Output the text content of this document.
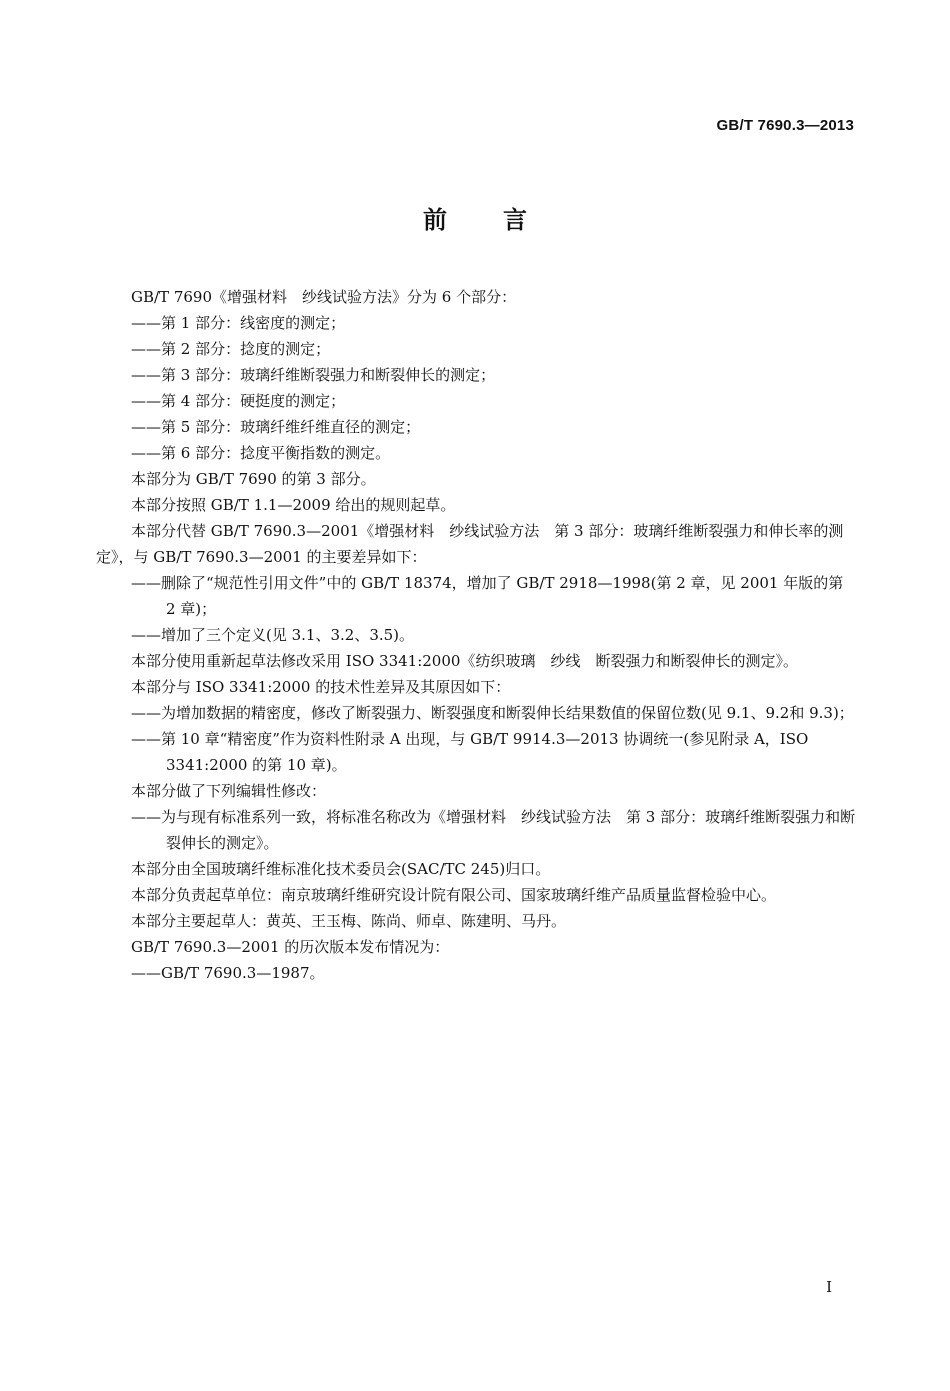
GB/T 7690.3—2013
前言

GB/T 7690《增强材料　纱线试验方法》分为 6 个部分：

——第 1 部分：线密度的测定；

——第 2 部分：捻度的测定；

——第 3 部分：玻璃纤维断裂强力和断裂伸长的测定；

——第 4 部分：硬挺度的测定；

——第 5 部分：玻璃纤维纤维直径的测定；

——第 6 部分：捻度平衡指数的测定。

本部分为 GB/T 7690 的第 3 部分。

本部分按照 GB/T 1.1—2009 给出的规则起草。

本部分代替 GB/T 7690.3—2001《增强材料　纱线试验方法　第 3 部分：玻璃纤维断裂强力和伸长率的测定》，与 GB/T 7690.3—2001 的主要差异如下：

——删除了“规范性引用文件”中的 GB/T 18374，增加了 GB/T 2918—1998(第 2 章，见 2001 年版的第 2 章)；

——增加了三个定义(见 3.1、3.2、3.5)。

本部分使用重新起草法修改采用 ISO 3341:2000《纺织玻璃　纱线　断裂强力和断裂伸长的测定》。

本部分与 ISO 3341:2000 的技术性差异及其原因如下：

——为增加数据的精密度，修改了断裂强力、断裂强度和断裂伸长结果数值的保留位数(见 9.1、9.2和 9.3)；

——第 10 章“精密度”作为资料性附录 A 出现，与 GB/T 9914.3—2013 协调统一(参见附录 A，ISO 3341:2000 的第 10 章)。

本部分做了下列编辑性修改：

——为与现有标准系列一致，将标准名称改为《增强材料　纱线试验方法　第 3 部分：玻璃纤维断裂强力和断裂伸长的测定》。

本部分由全国玻璃纤维标准化技术委员会(SAC/TC 245)归口。

本部分负责起草单位：南京玻璃纤维研究设计院有限公司、国家玻璃纤维产品质量监督检验中心。

本部分主要起草人：黄英、王玉梅、陈尚、师卓、陈建明、马丹。

GB/T 7690.3—2001 的历次版本发布情况为：

——GB/T 7690.3—1987。

I
